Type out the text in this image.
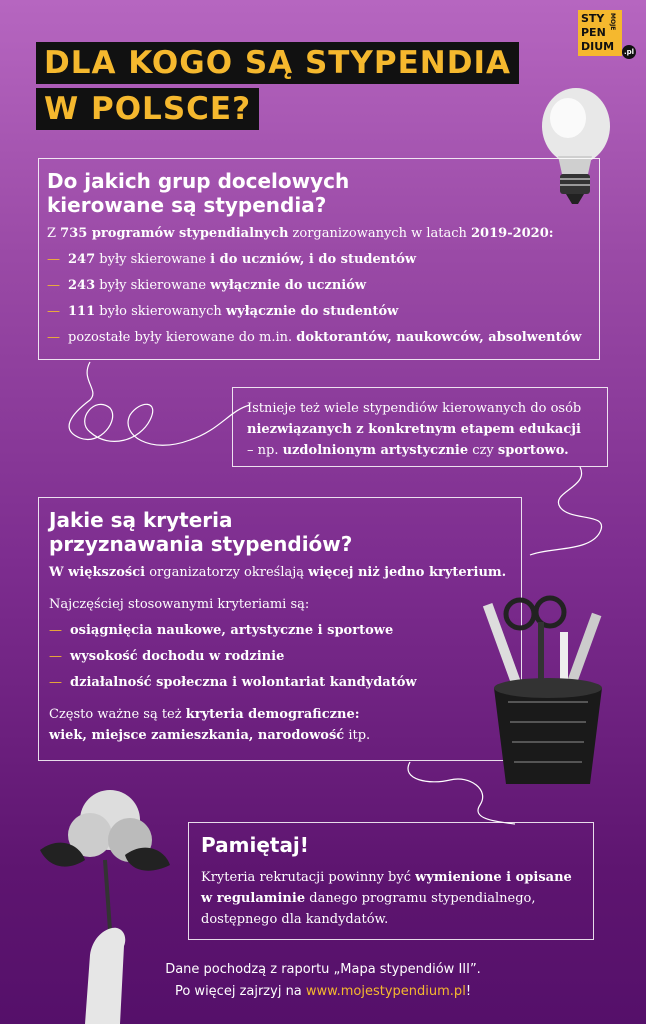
DLA KOGO SĄ STYPENDIA
W POLSCE?
STY
PEN
DIUM
MOJE
.pl
Do jakich grup docelowych
kierowane są stypendia?

Z 735 programów stypendialnych zorganizowanych w latach 2019-2020:

— 247 były skierowane i do uczniów, i do studentów

— 243 były skierowane wyłącznie do uczniów

— 111 było skierowanych wyłącznie do studentów

— pozostałe były kierowane do m.in. doktorantów, naukowców, absolwentów

Istnieje też wiele stypendiów kierowanych do osób

niezwiązanych z konkretnym etapem edukacji

– np. uzdolnionym artystycznie czy sportowo.

Jakie są kryteria
przyznawania stypendiów?

W większości organizatorzy określają więcej niż jedno kryterium.

Najczęściej stosowanymi kryteriami są:

— osiągnięcia naukowe, artystyczne i sportowe

— wysokość dochodu w rodzinie

— działalność społeczna i wolontariat kandydatów

Często ważne są też kryteria demograficzne:

wiek, miejsce zamieszkania, narodowość itp.

Pamiętaj!

Kryteria rekrutacji powinny być wymienione i opisane

w regulaminie danego programu stypendialnego,

dostępnego dla kandydatów.

Dane pochodzą z raportu „Mapa stypendiów III”.
Po więcej zajrzyj na www.mojestypendium.pl!
